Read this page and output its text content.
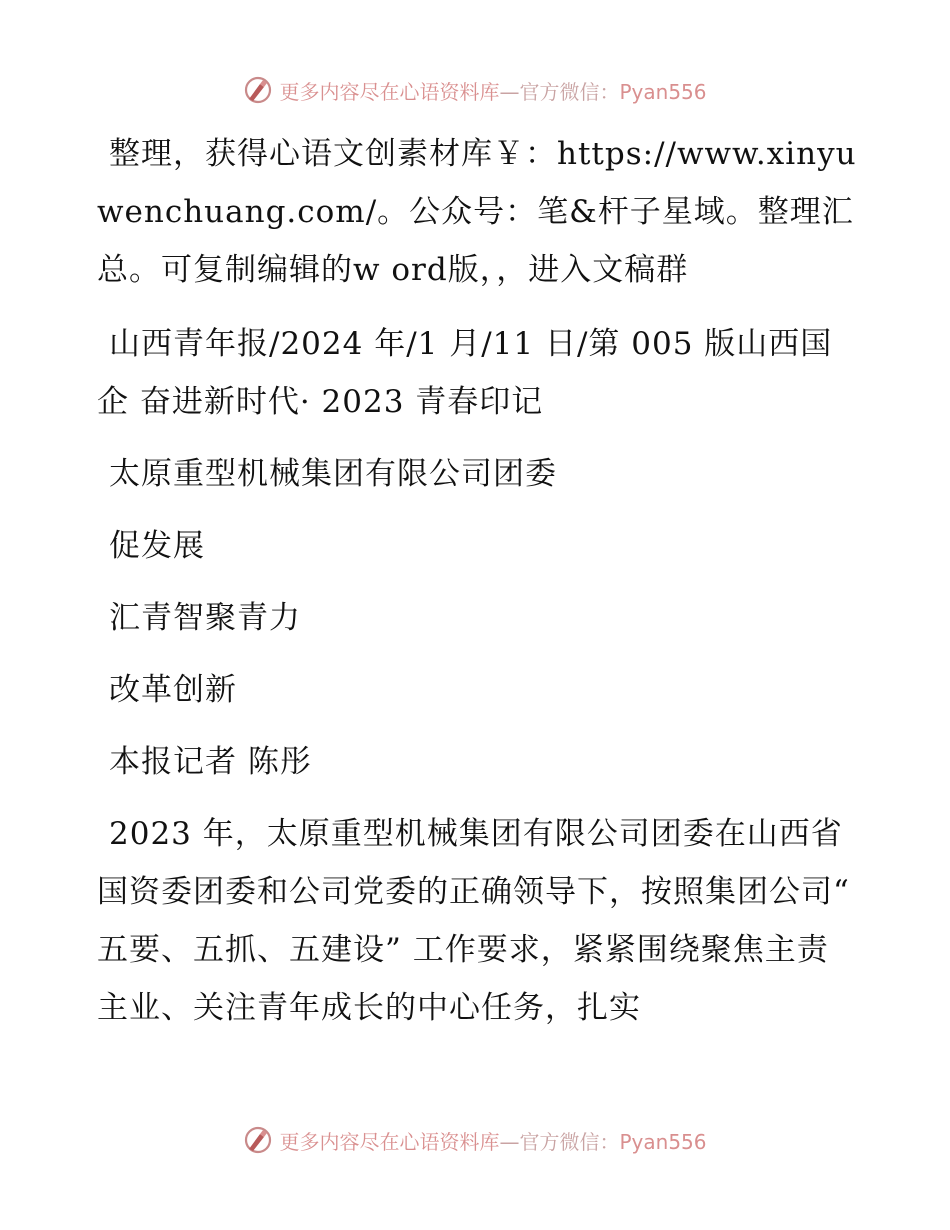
更多内容尽在心语资料库—官方微信：Pyan556

整理，获得心语文创素材库￥：https://www.xinyuwenchuang.com/。公众号：笔&杆子星域。整理汇总。可复制编辑的w ord版，，进入文稿群

山西青年报/2024 年/1 月/11 日/第 005 版山西国企 奋进新时代· 2023 青春印记

太原重型机械集团有限公司团委

促发展

汇青智聚青力

改革创新

本报记者 陈彤

2023 年，太原重型机械集团有限公司团委在山西省国资委团委和公司党委的正确领导下，按照集团公司“ 五要、五抓、五建设” 工作要求，紧紧围绕聚焦主责主业、关注青年成长的中心任务，扎实

更多内容尽在心语资料库—官方微信：Pyan556
